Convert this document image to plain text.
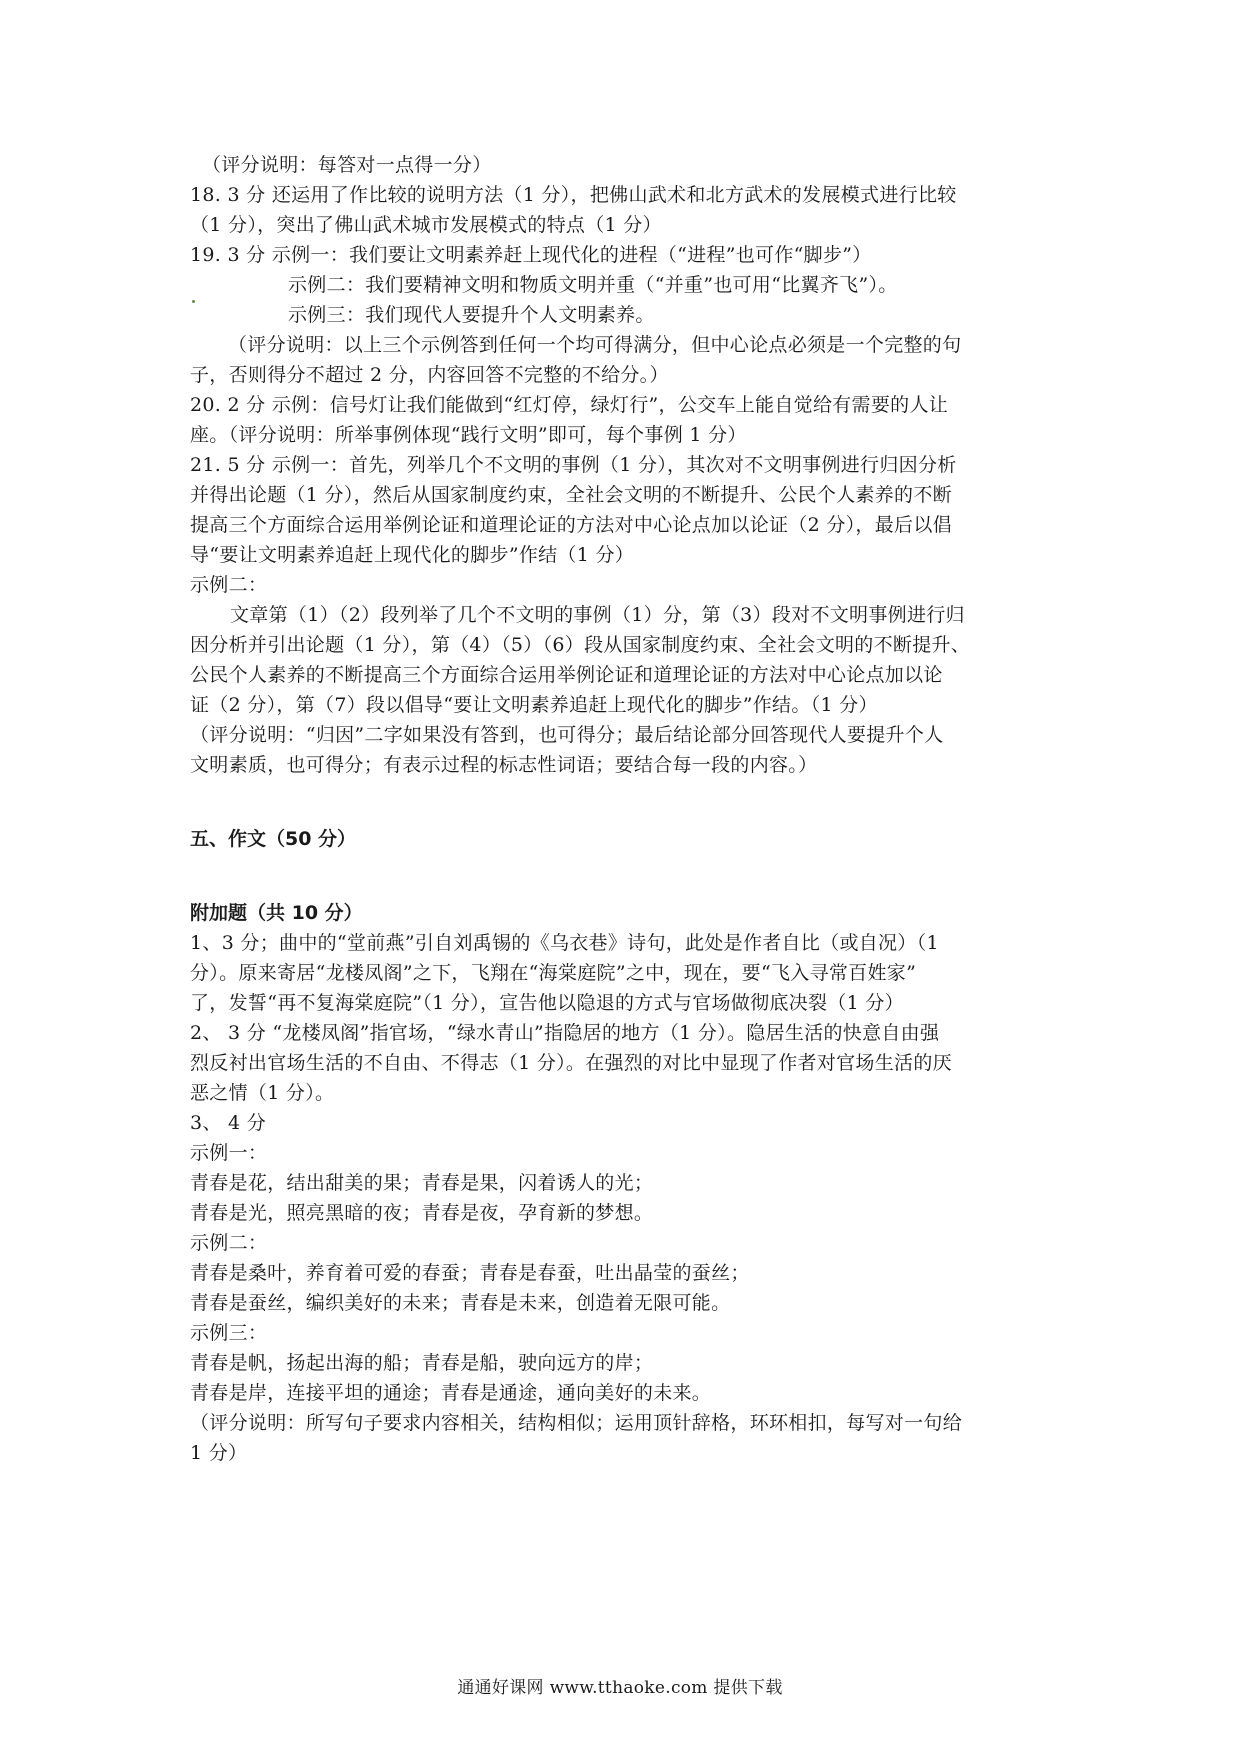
（评分说明：每答对一点得一分）
18. 3 分 还运用了作比较的说明方法（1 分），把佛山武术和北方武术的发展模式进行比较
（1 分），突出了佛山武术城市发展模式的特点（1 分）
19. 3 分 示例一：我们要让文明素养赶上现代化的进程（“进程”也可作“脚步”）
示例二：我们要精神文明和物质文明并重（“并重”也可用“比翼齐飞”）。
示例三：我们现代人要提升个人文明素养。
（评分说明：以上三个示例答到任何一个均可得满分，但中心论点必须是一个完整的句
子，否则得分不超过 2 分，内容回答不完整的不给分。）
20. 2 分 示例：信号灯让我们能做到“红灯停，绿灯行”，公交车上能自觉给有需要的人让
座。（评分说明：所举事例体现“践行文明”即可，每个事例 1 分）
21. 5 分 示例一：首先，列举几个不文明的事例（1 分），其次对不文明事例进行归因分析
并得出论题（1 分），然后从国家制度约束，全社会文明的不断提升、公民个人素养的不断
提高三个方面综合运用举例论证和道理论证的方法对中心论点加以论证（2 分），最后以倡
导“要让文明素养追赶上现代化的脚步”作结（1 分）
示例二：
文章第（1）（2）段列举了几个不文明的事例（1）分，第（3）段对不文明事例进行归
因分析并引出论题（1 分），第（4）（5）（6）段从国家制度约束、全社会文明的不断提升、
公民个人素养的不断提高三个方面综合运用举例论证和道理论证的方法对中心论点加以论
证（2 分），第（7）段以倡导“要让文明素养追赶上现代化的脚步”作结。（1 分）
（评分说明：“归因”二字如果没有答到，也可得分；最后结论部分回答现代人要提升个人
文明素质，也可得分；有表示过程的标志性词语；要结合每一段的内容。）
五、作文（50 分）
附加题（共 10 分）
1、3 分；曲中的“堂前燕”引自刘禹锡的《乌衣巷》诗句，此处是作者自比（或自况）（1
分）。原来寄居“龙楼凤阁”之下，飞翔在“海棠庭院”之中，现在，要“飞入寻常百姓家”
了，发誓“再不复海棠庭院”（1 分），宣告他以隐退的方式与官场做彻底决裂（1 分）
2、 3 分 “龙楼凤阁”指官场，“绿水青山”指隐居的地方（1 分）。隐居生活的快意自由强
烈反衬出官场生活的不自由、不得志（1 分）。在强烈的对比中显现了作者对官场生活的厌
恶之情（1 分）。
3、 4 分
示例一：
青春是花，结出甜美的果；青春是果，闪着诱人的光；
青春是光，照亮黑暗的夜；青春是夜，孕育新的梦想。
示例二：
青春是桑叶，养育着可爱的春蚕；青春是春蚕，吐出晶莹的蚕丝；
青春是蚕丝，编织美好的未来；青春是未来，创造着无限可能。
示例三：
青春是帆，扬起出海的船；青春是船，驶向远方的岸；
青春是岸，连接平坦的通途；青春是通途，通向美好的未来。
（评分说明：所写句子要求内容相关，结构相似；运用顶针辞格，环环相扣，每写对一句给
1 分）
通通好课网 www.tthaoke.com 提供下载
